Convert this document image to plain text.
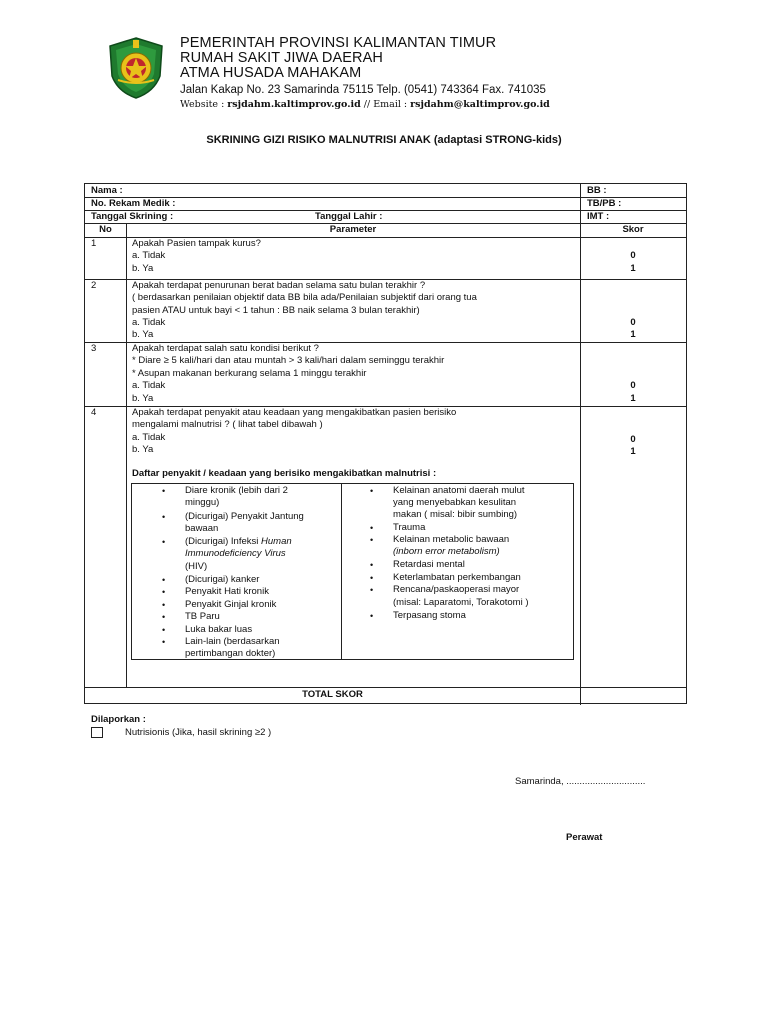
PEMERINTAH PROVINSI KALIMANTAN TIMUR
RUMAH SAKIT JIWA DAERAH
ATMA HUSADA MAHAKAM
Jalan Kakap No. 23 Samarinda 75115 Telp. (0541) 743364 Fax. 741035
Website : rsjdahm.kaltimprov.go.id // Email : rsjdahm@kaltimprov.go.id
SKRINING GIZI RISIKO MALNUTRISI ANAK (adaptasi STRONG-kids)
Nama :
No. Rekam Medik :
Tanggal Skrining :	Tanggal Lahir :
BB :
TB/PB :
IMT :
No	Parameter	Skor
1	Apakah Pasien tampak kurus?
a. Tidak
b. Ya
0
1
2	Apakah terdapat penurunan berat badan selama satu bulan terakhir ?
( berdasarkan penilaian objektif data BB bila ada/Penilaian subjektif dari orang tua
pasien ATAU untuk bayi < 1 tahun : BB naik selama 3 bulan terakhir)
a. Tidak
b. Ya
0
1
3	Apakah terdapat salah satu kondisi berikut ?
* Diare ≥ 5 kali/hari dan atau muntah > 3 kali/hari dalam seminggu terakhir
* Asupan makanan berkurang selama 1 minggu terakhir
a. Tidak
b. Ya
0
1
4	Apakah terdapat penyakit atau keadaan yang mengakibatkan pasien berisiko
mengalami malnutrisi ? ( lihat tabel dibawah )
a. Tidak
b. Ya
0
1
Daftar penyakit / keadaan yang berisiko mengakibatkan malnutrisi :
• Diare kronik (lebih dari 2
minggu)
• (Dicurigai) Penyakit Jantung
bawaan
• (Dicurigai) Infeksi Human
Immunodeficiency Virus
(HIV)
• (Dicurigai) kanker
• Penyakit Hati kronik
• Penyakit Ginjal kronik
• TB Paru
• Luka bakar luas
• Lain-lain (berdasarkan
pertimbangan dokter)
• Kelainan anatomi daerah mulut
yang menyebabkan kesulitan
makan ( misal: bibir sumbing)
• Trauma
• Kelainan metabolic bawaan
(inborn error metabolism)
• Retardasi mental
• Keterlambatan perkembangan
• Rencana/paskaoperasi mayor
(misal: Laparatomi, Torakotomi )
• Terpasang stoma
TOTAL SKOR
Dilaporkan :
Nutrisionis (Jika, hasil skrining ≥2 )
Samarinda, ..............................
Perawat
